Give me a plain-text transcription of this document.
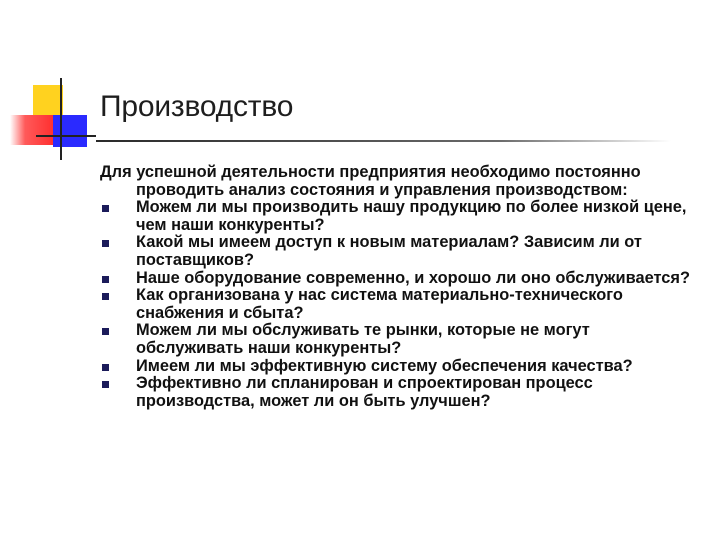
Производство
Для успешной деятельности предприятия необходимо постоянно проводить анализ состояния и управления производством:
Можем ли мы производить нашу продукцию по более низкой цене, чем наши конкуренты?
Какой мы имеем доступ к новым материалам? Зависим ли от поставщиков?
Наше оборудование современно, и хорошо ли оно обслуживается?
Как организована у нас система материально-технического снабжения и сбыта?
Можем ли мы обслуживать те рынки, которые не могут обслуживать наши конкуренты?
Имеем ли мы эффективную систему обеспечения качества?
Эффективно ли спланирован и спроектирован процесс производства, может ли он быть улучшен?
